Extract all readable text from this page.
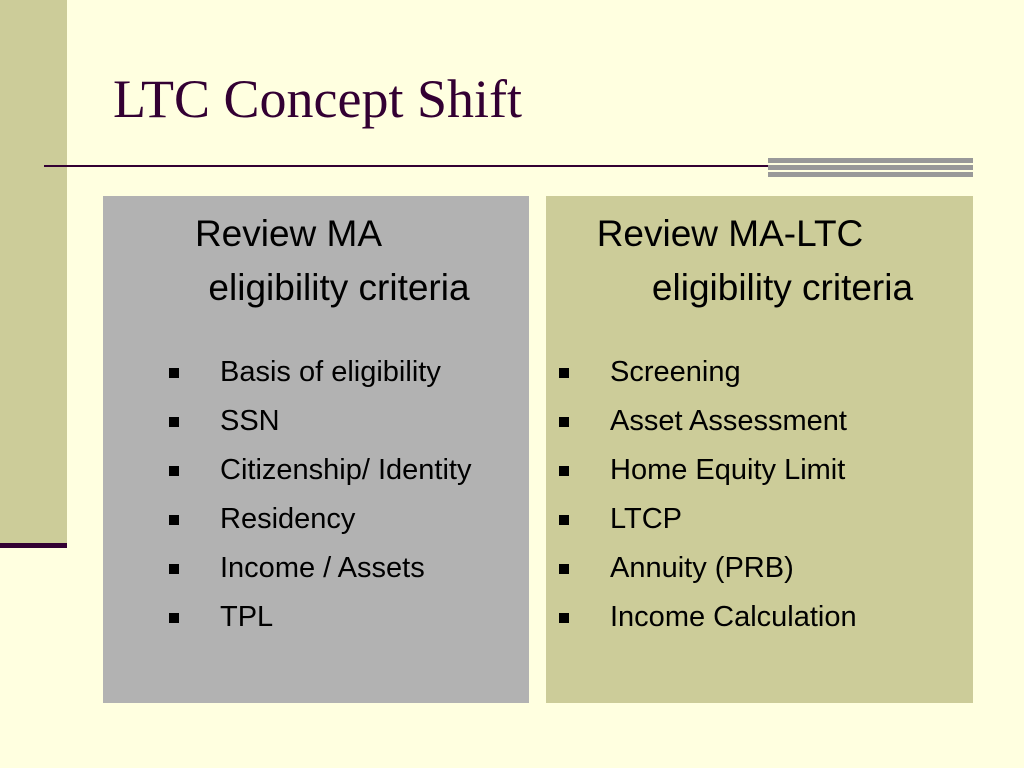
LTC Concept Shift
Review MA
eligibility criteria
Basis of eligibility
SSN
Citizenship/ Identity
Residency
Income / Assets
TPL
Review MA-LTC
eligibility criteria
Screening
Asset Assessment
Home Equity Limit
LTCP
Annuity (PRB)
Income Calculation
